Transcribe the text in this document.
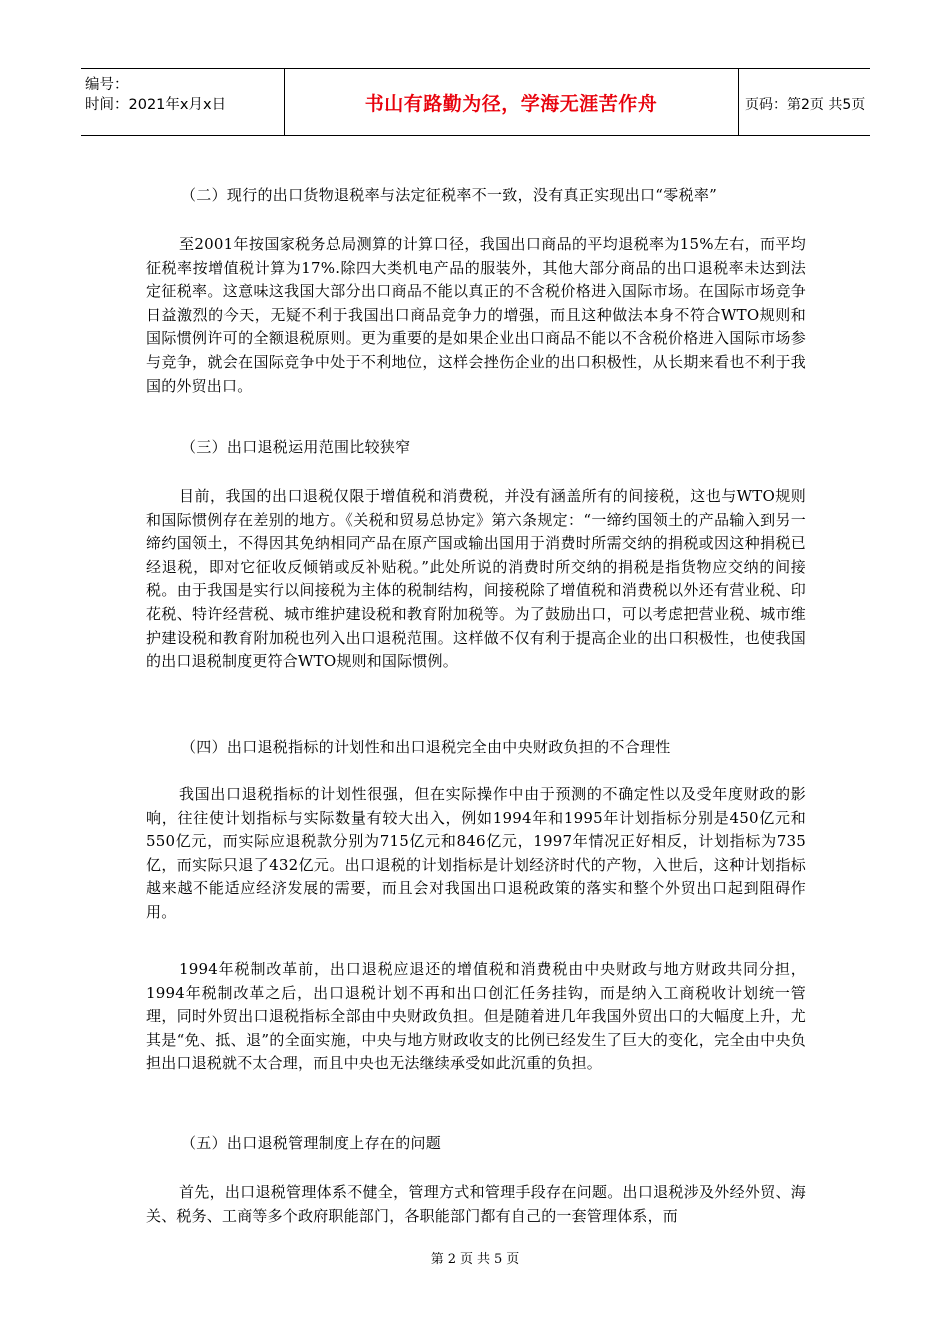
编号：
时间：2021年x月x日	书山有路勤为径，学海无涯苦作舟	页码：第2页 共5页
（二）现行的出口货物退税率与法定征税率不一致，没有真正实现出口“零税率”
至2001年按国家税务总局测算的计算口径，我国出口商品的平均退税率为15%左右，而平均征税率按增值税计算为17%.除四大类机电产品的服装外，其他大部分商品的出口退税率未达到法定征税率。这意味这我国大部分出口商品不能以真正的不含税价格进入国际市场。在国际市场竞争日益激烈的今天，无疑不利于我国出口商品竞争力的增强，而且这种做法本身不符合WTO规则和国际惯例许可的全额退税原则。更为重要的是如果企业出口商品不能以不含税价格进入国际市场参与竞争，就会在国际竞争中处于不利地位，这样会挫伤企业的出口积极性，从长期来看也不利于我国的外贸出口。
（三）出口退税运用范围比较狭窄
目前，我国的出口退税仅限于增值税和消费税，并没有涵盖所有的间接税，这也与WTO规则和国际惯例存在差别的地方。《关税和贸易总协定》第六条规定：“一缔约国领土的产品输入到另一缔约国领土，不得因其免纳相同产品在原产国或输出国用于消费时所需交纳的捐税或因这种捐税已经退税，即对它征收反倾销或反补贴税。”此处所说的消费时所交纳的捐税是指货物应交纳的间接税。由于我国是实行以间接税为主体的税制结构，间接税除了增值税和消费税以外还有营业税、印花税、特许经营税、城市维护建设税和教育附加税等。为了鼓励出口，可以考虑把营业税、城市维护建设税和教育附加税也列入出口退税范围。这样做不仅有利于提高企业的出口积极性，也使我国的出口退税制度更符合WTO规则和国际惯例。
（四）出口退税指标的计划性和出口退税完全由中央财政负担的不合理性
我国出口退税指标的计划性很强，但在实际操作中由于预测的不确定性以及受年度财政的影响，往往使计划指标与实际数量有较大出入，例如1994年和1995年计划指标分别是450亿元和550亿元，而实际应退税款分别为715亿元和846亿元，1997年情况正好相反，计划指标为735亿，而实际只退了432亿元。出口退税的计划指标是计划经济时代的产物，入世后，这种计划指标越来越不能适应经济发展的需要，而且会对我国出口退税政策的落实和整个外贸出口起到阻碍作用。
1994年税制改革前，出口退税应退还的增值税和消费税由中央财政与地方财政共同分担，1994年税制改革之后，出口退税计划不再和出口创汇任务挂钩，而是纳入工商税收计划统一管理，同时外贸出口退税指标全部由中央财政负担。但是随着进几年我国外贸出口的大幅度上升，尤其是“免、抵、退”的全面实施，中央与地方财政收支的比例已经发生了巨大的变化，完全由中央负担出口退税就不太合理，而且中央也无法继续承受如此沉重的负担。
（五）出口退税管理制度上存在的问题
首先，出口退税管理体系不健全，管理方式和管理手段存在问题。出口退税涉及外经外贸、海关、税务、工商等多个政府职能部门，各职能部门都有自己的一套管理体系，而
第 2 页 共 5 页
